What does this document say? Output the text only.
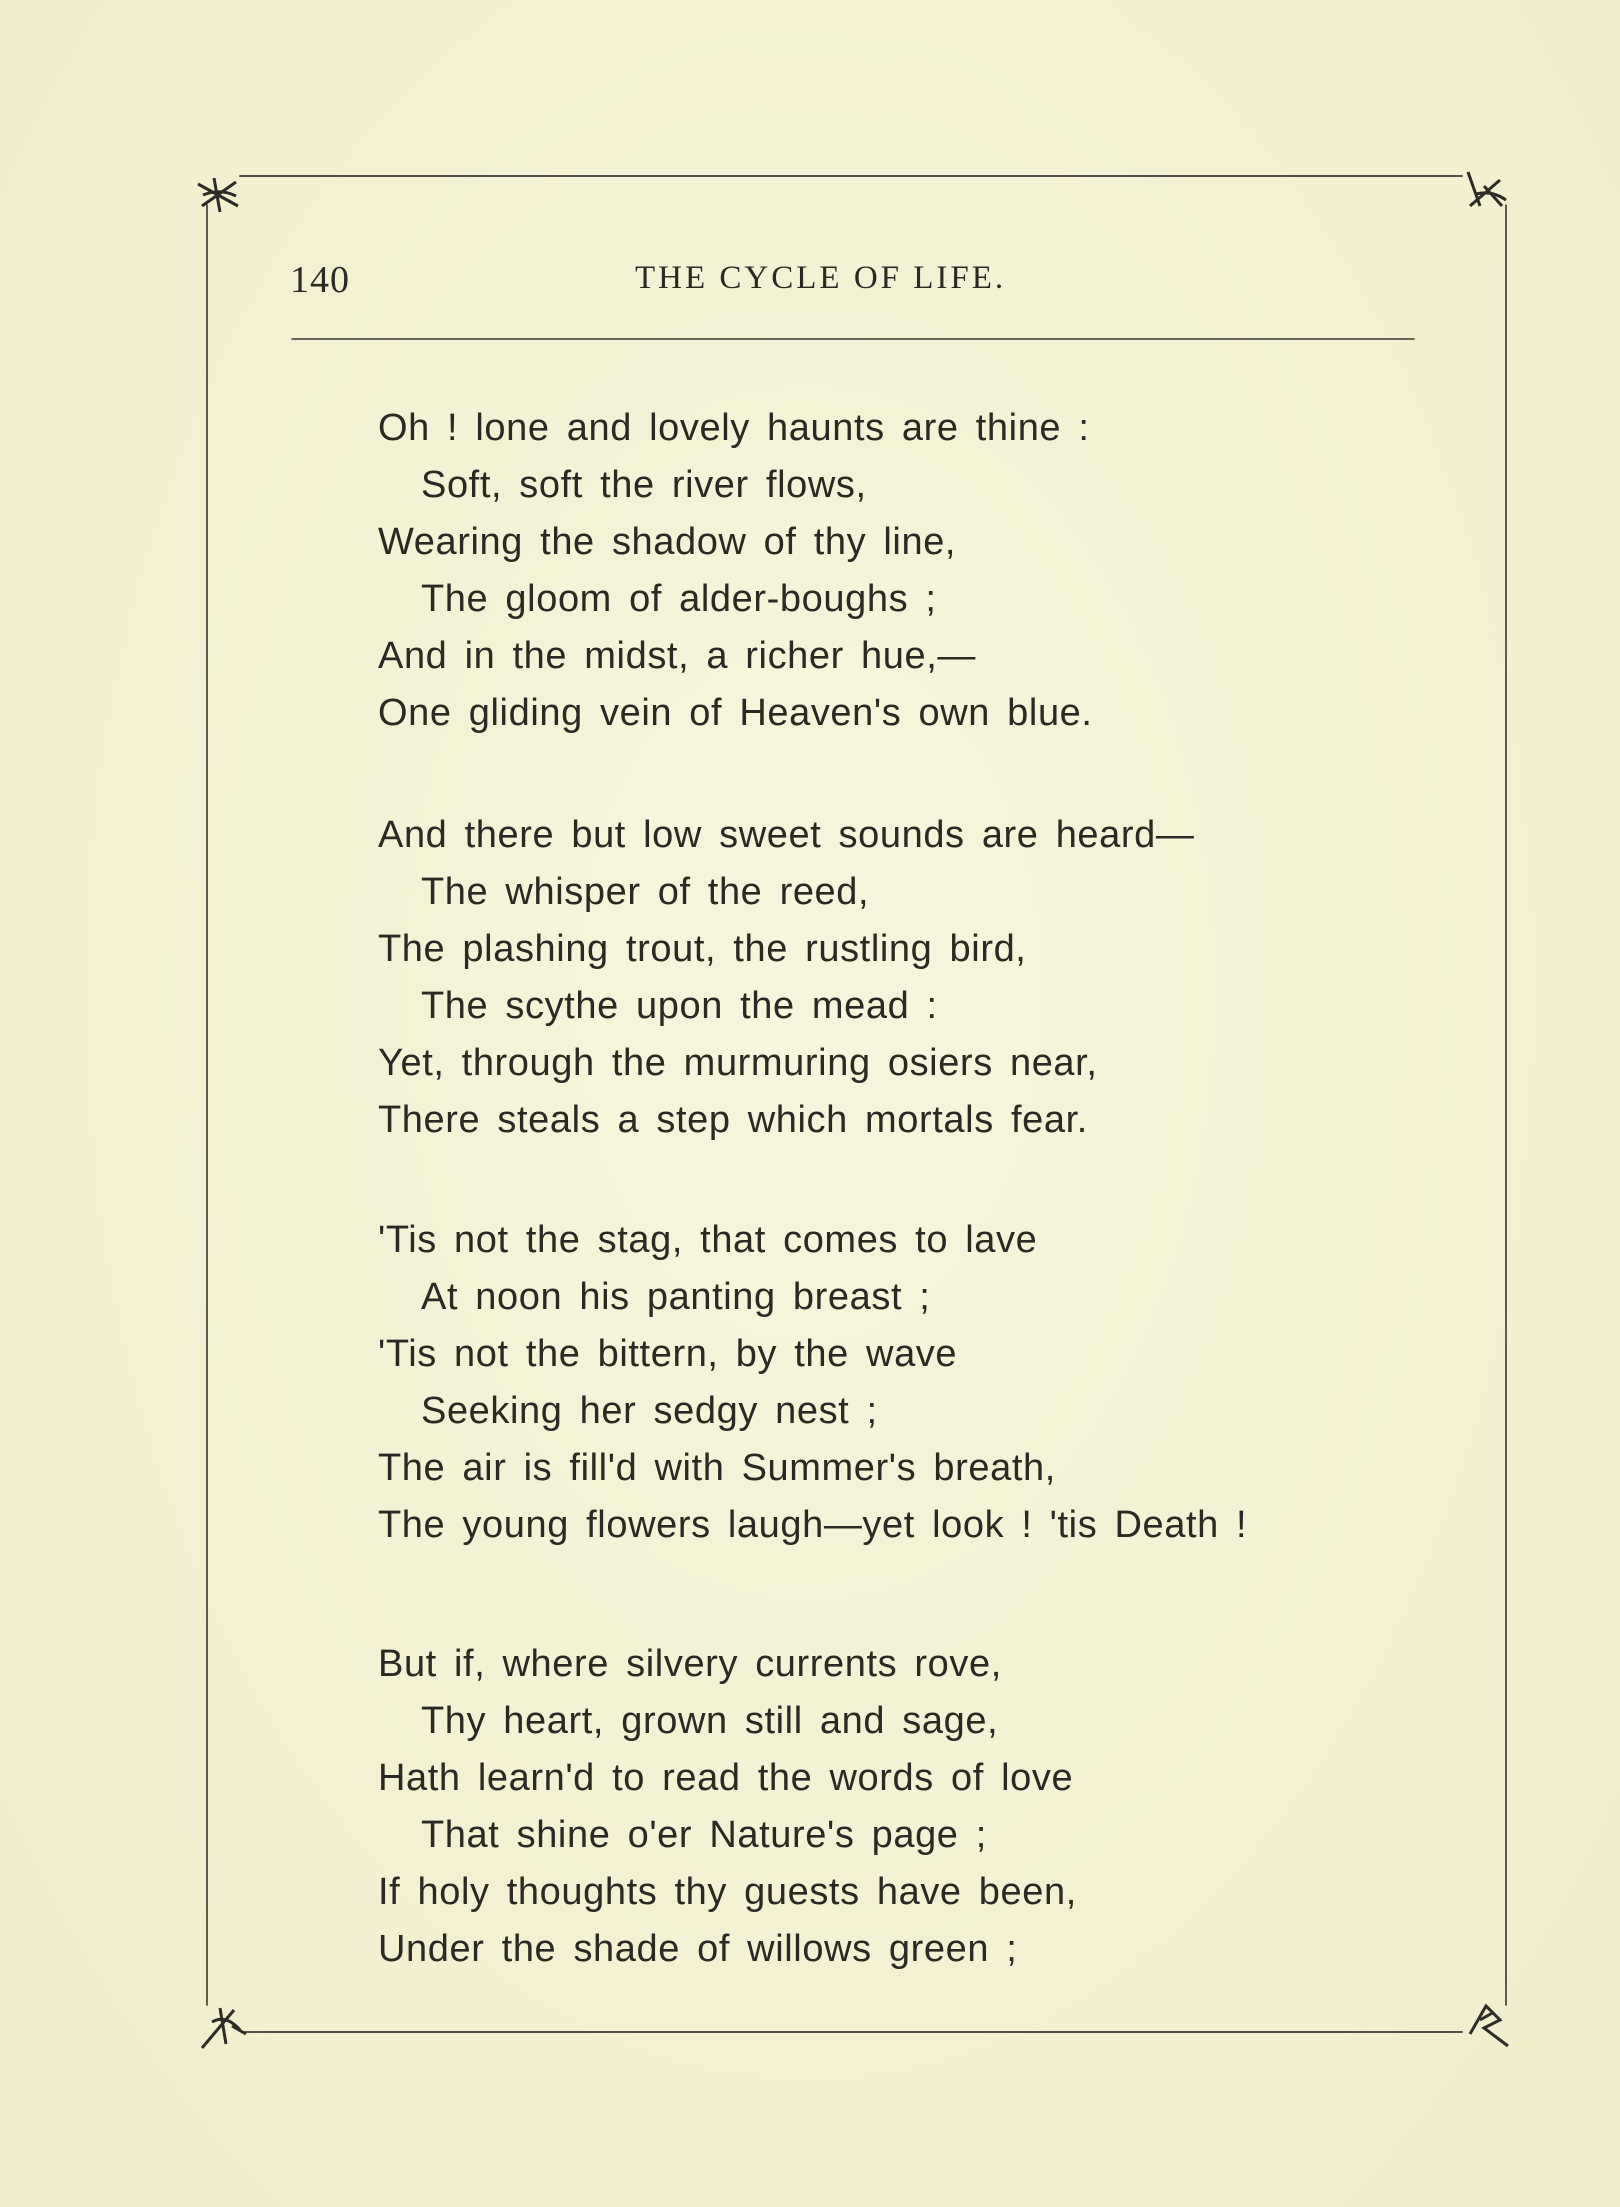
140	THE CYCLE OF LIFE.
Oh ! lone and lovely haunts are thine :
Soft, soft the river flows,
Wearing the shadow of thy line,
The gloom of alder-boughs ;
And in the midst, a richer hue,—
One gliding vein of Heaven's own blue.
And there but low sweet sounds are heard—
The whisper of the reed,
The plashing trout, the rustling bird,
The scythe upon the mead :
Yet, through the murmuring osiers near,
There steals a step which mortals fear.
'Tis not the stag, that comes to lave
At noon his panting breast ;
'Tis not the bittern, by the wave
Seeking her sedgy nest ;
The air is fill'd with Summer's breath,
The young flowers laugh—yet look ! 'tis Death !
But if, where silvery currents rove,
Thy heart, grown still and sage,
Hath learn'd to read the words of love
That shine o'er Nature's page ;
If holy thoughts thy guests have been,
Under the shade of willows green ;
